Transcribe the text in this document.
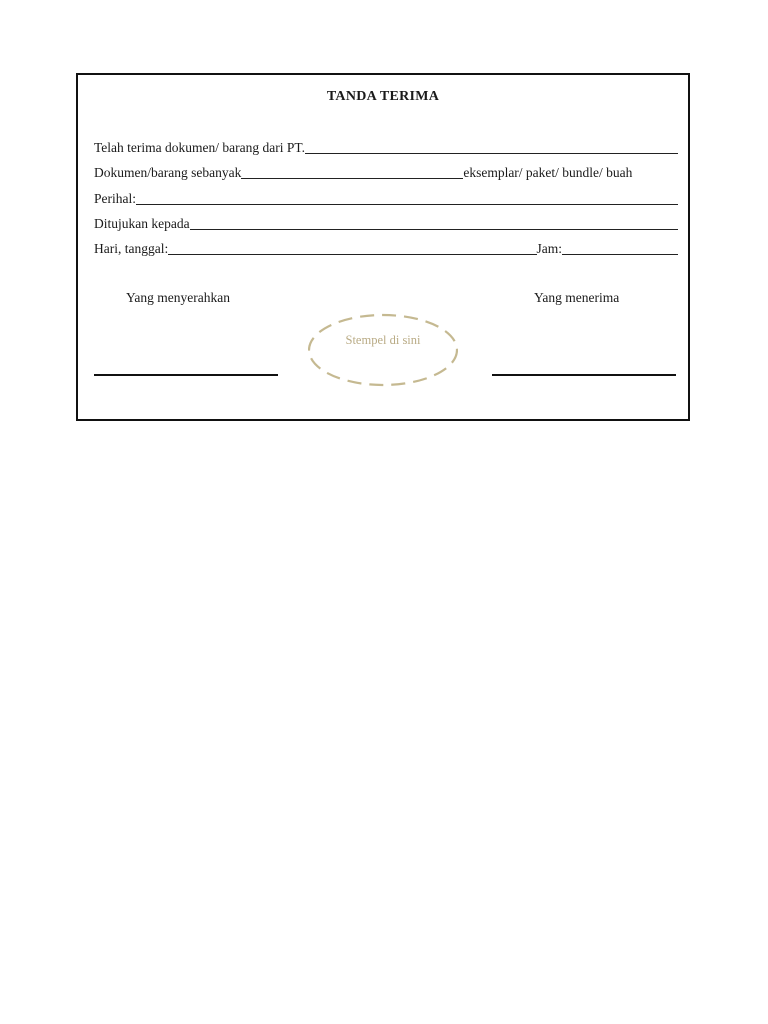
TANDA TERIMA
Telah terima dokumen/ barang dari PT.
Dokumen/barang sebanyak	eksemplar/ paket/ bundle/ buah
Perihal:
Ditujukan kepada
Hari, tanggal:	Jam:
Yang menyerahkan	Yang menerima
Stempel di sini
